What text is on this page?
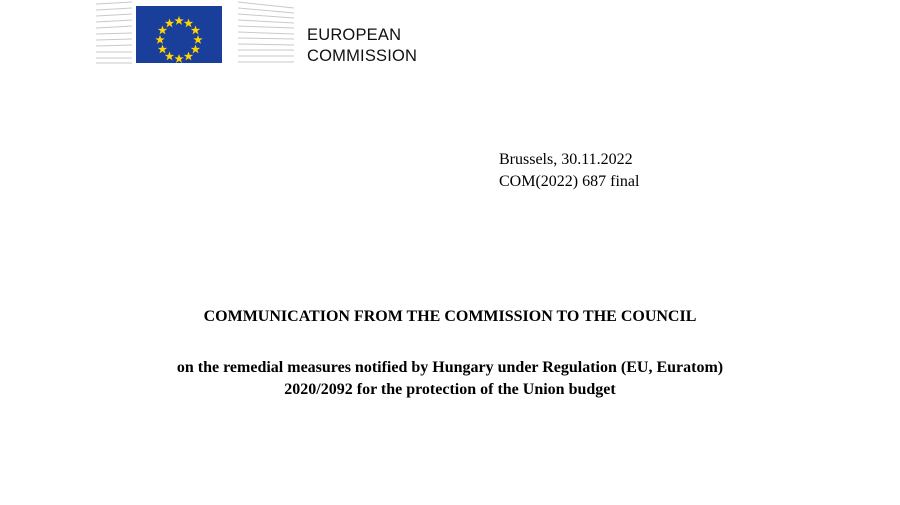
EUROPEAN
COMMISSION
Brussels, 30.11.2022
COM(2022) 687 final
COMMUNICATION FROM THE COMMISSION TO THE COUNCIL
on the remedial measures notified by Hungary under Regulation (EU, Euratom)
2020/2092 for the protection of the Union budget
